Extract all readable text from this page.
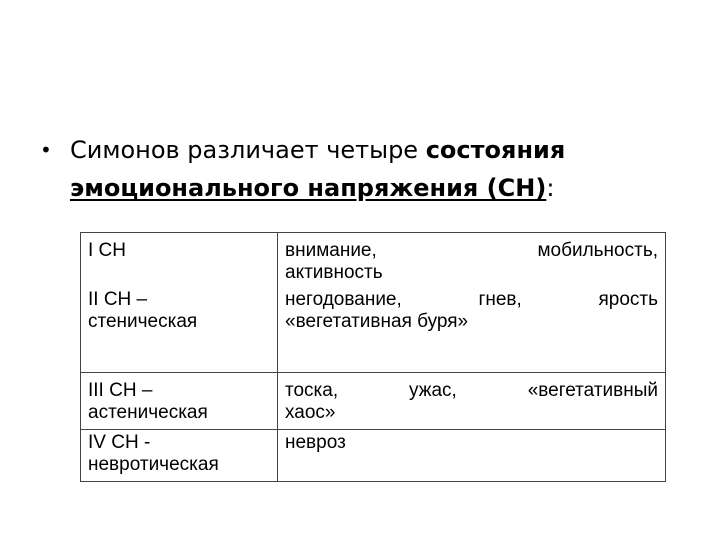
• Симонов различает четыре состояния
эмоционального напряжения (СН):
I СН	внимание, мобильность,
активность

II СН –
стеническая	негодование, гнев, ярость
«вегетативная буря»

III СН –
астеническая	тоска, ужас, «вегетативный
хаос»

IV СН -
невротическая	невроз
